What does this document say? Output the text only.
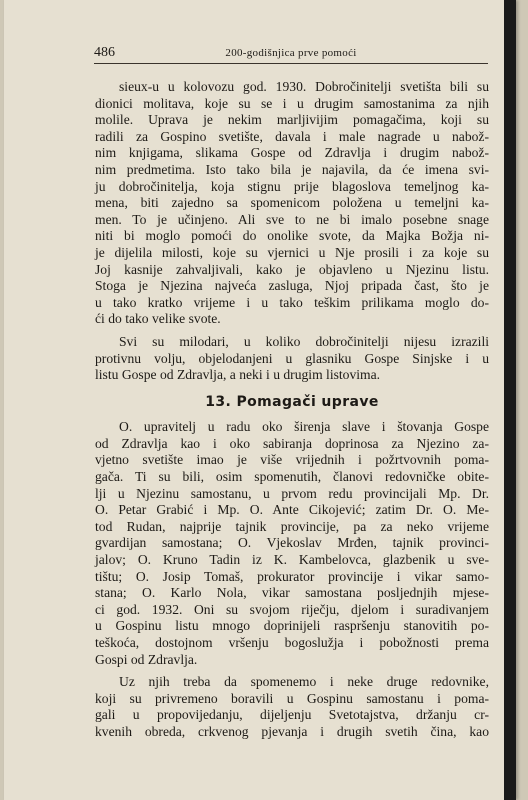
486	200-godišnjica prve pomoći
sieux-u u kolovozu god. 1930. Dobročinitelji svetišta bili su
dionici molitava, koje su se i u drugim samostanima za njih
molile. Uprava je nekim marljivijim pomagačima, koji su
radili za Gospino svetište, davala i male nagrade u nabož-
nim knjigama, slikama Gospe od Zdravlja i drugim nabož-
nim predmetima. Isto tako bila je najavila, da će imena svi-
ju dobročinitelja, koja stignu prije blagoslova temeljnog ka-
mena, biti zajedno sa spomenicom položena u temeljni ka-
men. To je učinjeno. Ali sve to ne bi imalo posebne snage
niti bi moglo pomoći do onolike svote, da Majka Božja ni-
je dijelila milosti, koje su vjernici u Nje prosili i za koje su
Joj kasnije zahvaljivali, kako je objavleno u Njezinu listu.
Stoga je Njezina najveća zasluga, Njoj pripada čast, što je
u tako kratko vrijeme i u tako teškim prilikama moglo do-
ći do tako velike svote.
Svi su milodari, u koliko dobročinitelji nijesu izrazili
protivnu volju, objelodanjeni u glasniku Gospe Sinjske i u
listu Gospe od Zdravlja, a neki i u drugim listovima.
13. Pomagači uprave
O. upravitelj u radu oko širenja slave i štovanja Gospe
od Zdravlja kao i oko sabiranja doprinosa za Njezino za-
vjetno svetište imao je više vrijednih i požrtvovnih poma-
gača. Ti su bili, osim spomenutih, članovi redovničke obite-
lji u Njezinu samostanu, u prvom redu provincijali Mp. Dr.
O. Petar Grabić i Mp. O. Ante Cikojević; zatim Dr. O. Me-
tod Rudan, najprije tajnik provincije, pa za neko vrijeme
gvardijan samostana; O. Vjekoslav Mrđen, tajnik provinci-
jalov; O. Kruno Tadin iz K. Kambelovca, glazbenik u sve-
tištu; O. Josip Tomaš, prokurator provincije i vikar samo-
stana; O. Karlo Nola, vikar samostana posljednjih mjese-
ci god. 1932. Oni su svojom riječju, djelom i suradivanjem
u Gospinu listu mnogo doprinijeli raspršenju stanovitih po-
teškoća, dostojnom vršenju bogoslužja i pobožnosti prema
Gospi od Zdravlja.
Uz njih treba da spomenemo i neke druge redovnike,
koji su privremeno boravili u Gospinu samostanu i poma-
gali u propovijedanju, dijeljenju Svetotajstva, držanju cr-
kvenih obreda, crkvenog pjevanja i drugih svetih čina, kao
